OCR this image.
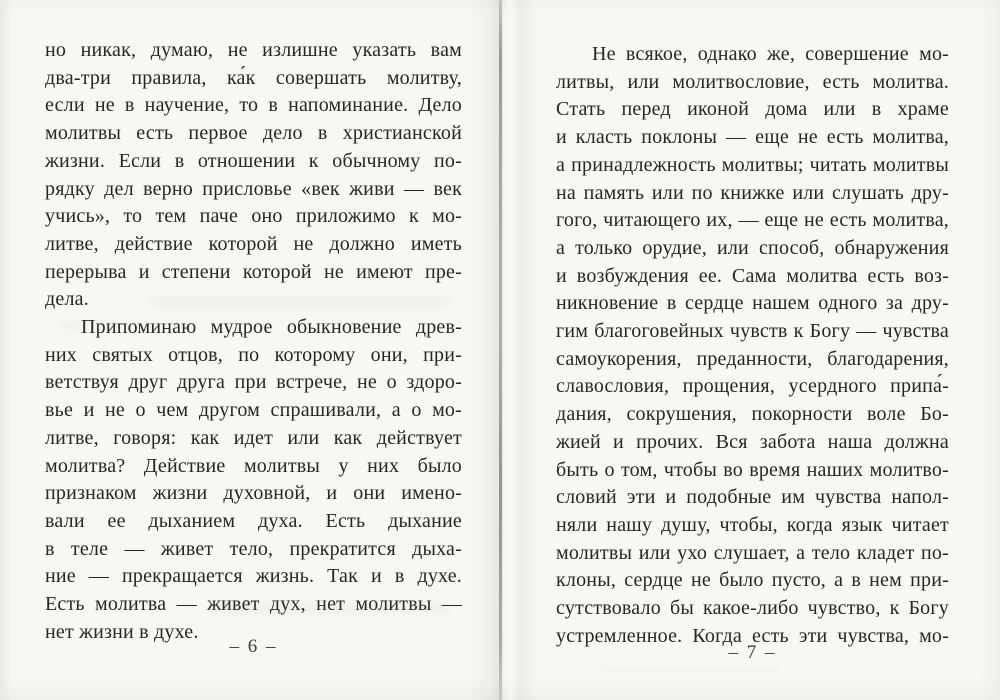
но никак, думаю, не излишне указать вам
два-три правила, ка́к совершать молитву,
если не в научение, то в напоминание. Дело
молитвы есть первое дело в христианской
жизни. Если в отношении к обычному по-
рядку дел верно присловье «век живи — век
учись», то тем паче оно приложимо к мо-
литве, действие которой не должно иметь
перерыва и степени которой не имеют пре-
дела.
Припоминаю мудрое обыкновение древ-
них святых отцов, по которому они, при-
ветствуя друг друга при встрече, не о здоро-
вье и не о чем другом спрашивали, а о мо-
литве, говоря: как идет или как действует
молитва? Действие молитвы у них было
признаком жизни духовной, и они имено-
вали ее дыханием духа. Есть дыхание
в теле — живет тело, прекратится дыха-
ние — прекращается жизнь. Так и в духе.
Есть молитва — живет дух, нет молитвы —
нет жизни в духе.
Не всякое, однако же, совершение мо-
литвы, или молитвословие, есть молитва.
Стать перед иконой дома или в храме
и класть поклоны — еще не есть молитва,
а принадлежность молитвы; читать молитвы
на память или по книжке или слушать дру-
гого, читающего их, — еще не есть молитва,
а только орудие, или способ, обнаружения
и возбуждения ее. Сама молитва есть воз-
никновение в сердце нашем одного за дру-
гим благоговейных чувств к Богу — чувства
самоукорения, преданности, благодарения,
славословия, прощения, усердного припа́-
дания, сокрушения, покорности воле Бо-
жией и прочих. Вся забота наша должна
быть о том, чтобы во время наших молитво-
словий эти и подобные им чувства напол-
няли нашу душу, чтобы, когда язык читает
молитвы или ухо слушает, а тело кладет по-
клоны, сердце не было пусто, а в нем при-
сутствовало бы какое-либо чувство, к Богу
устремленное. Когда есть эти чувства, мо-
– 6 –	– 7 –
